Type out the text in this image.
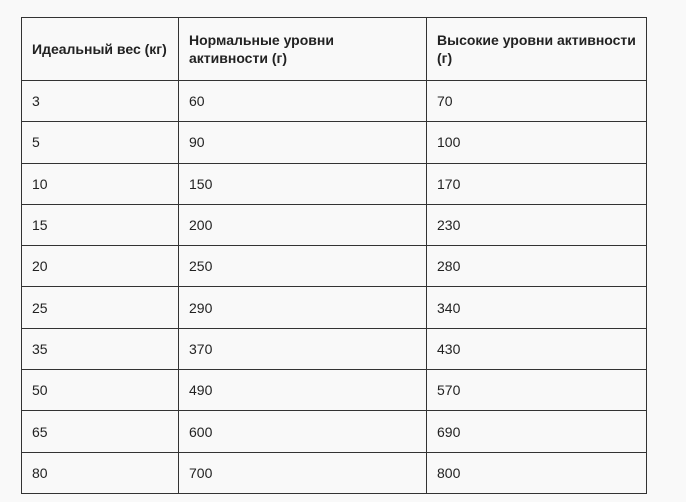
Идеальный вес (кг)	Нормальные уровни активности (г)	Высокие уровни активности (г)
3	60	70
5	90	100
10	150	170
15	200	230
20	250	280
25	290	340
35	370	430
50	490	570
65	600	690
80	700	800
